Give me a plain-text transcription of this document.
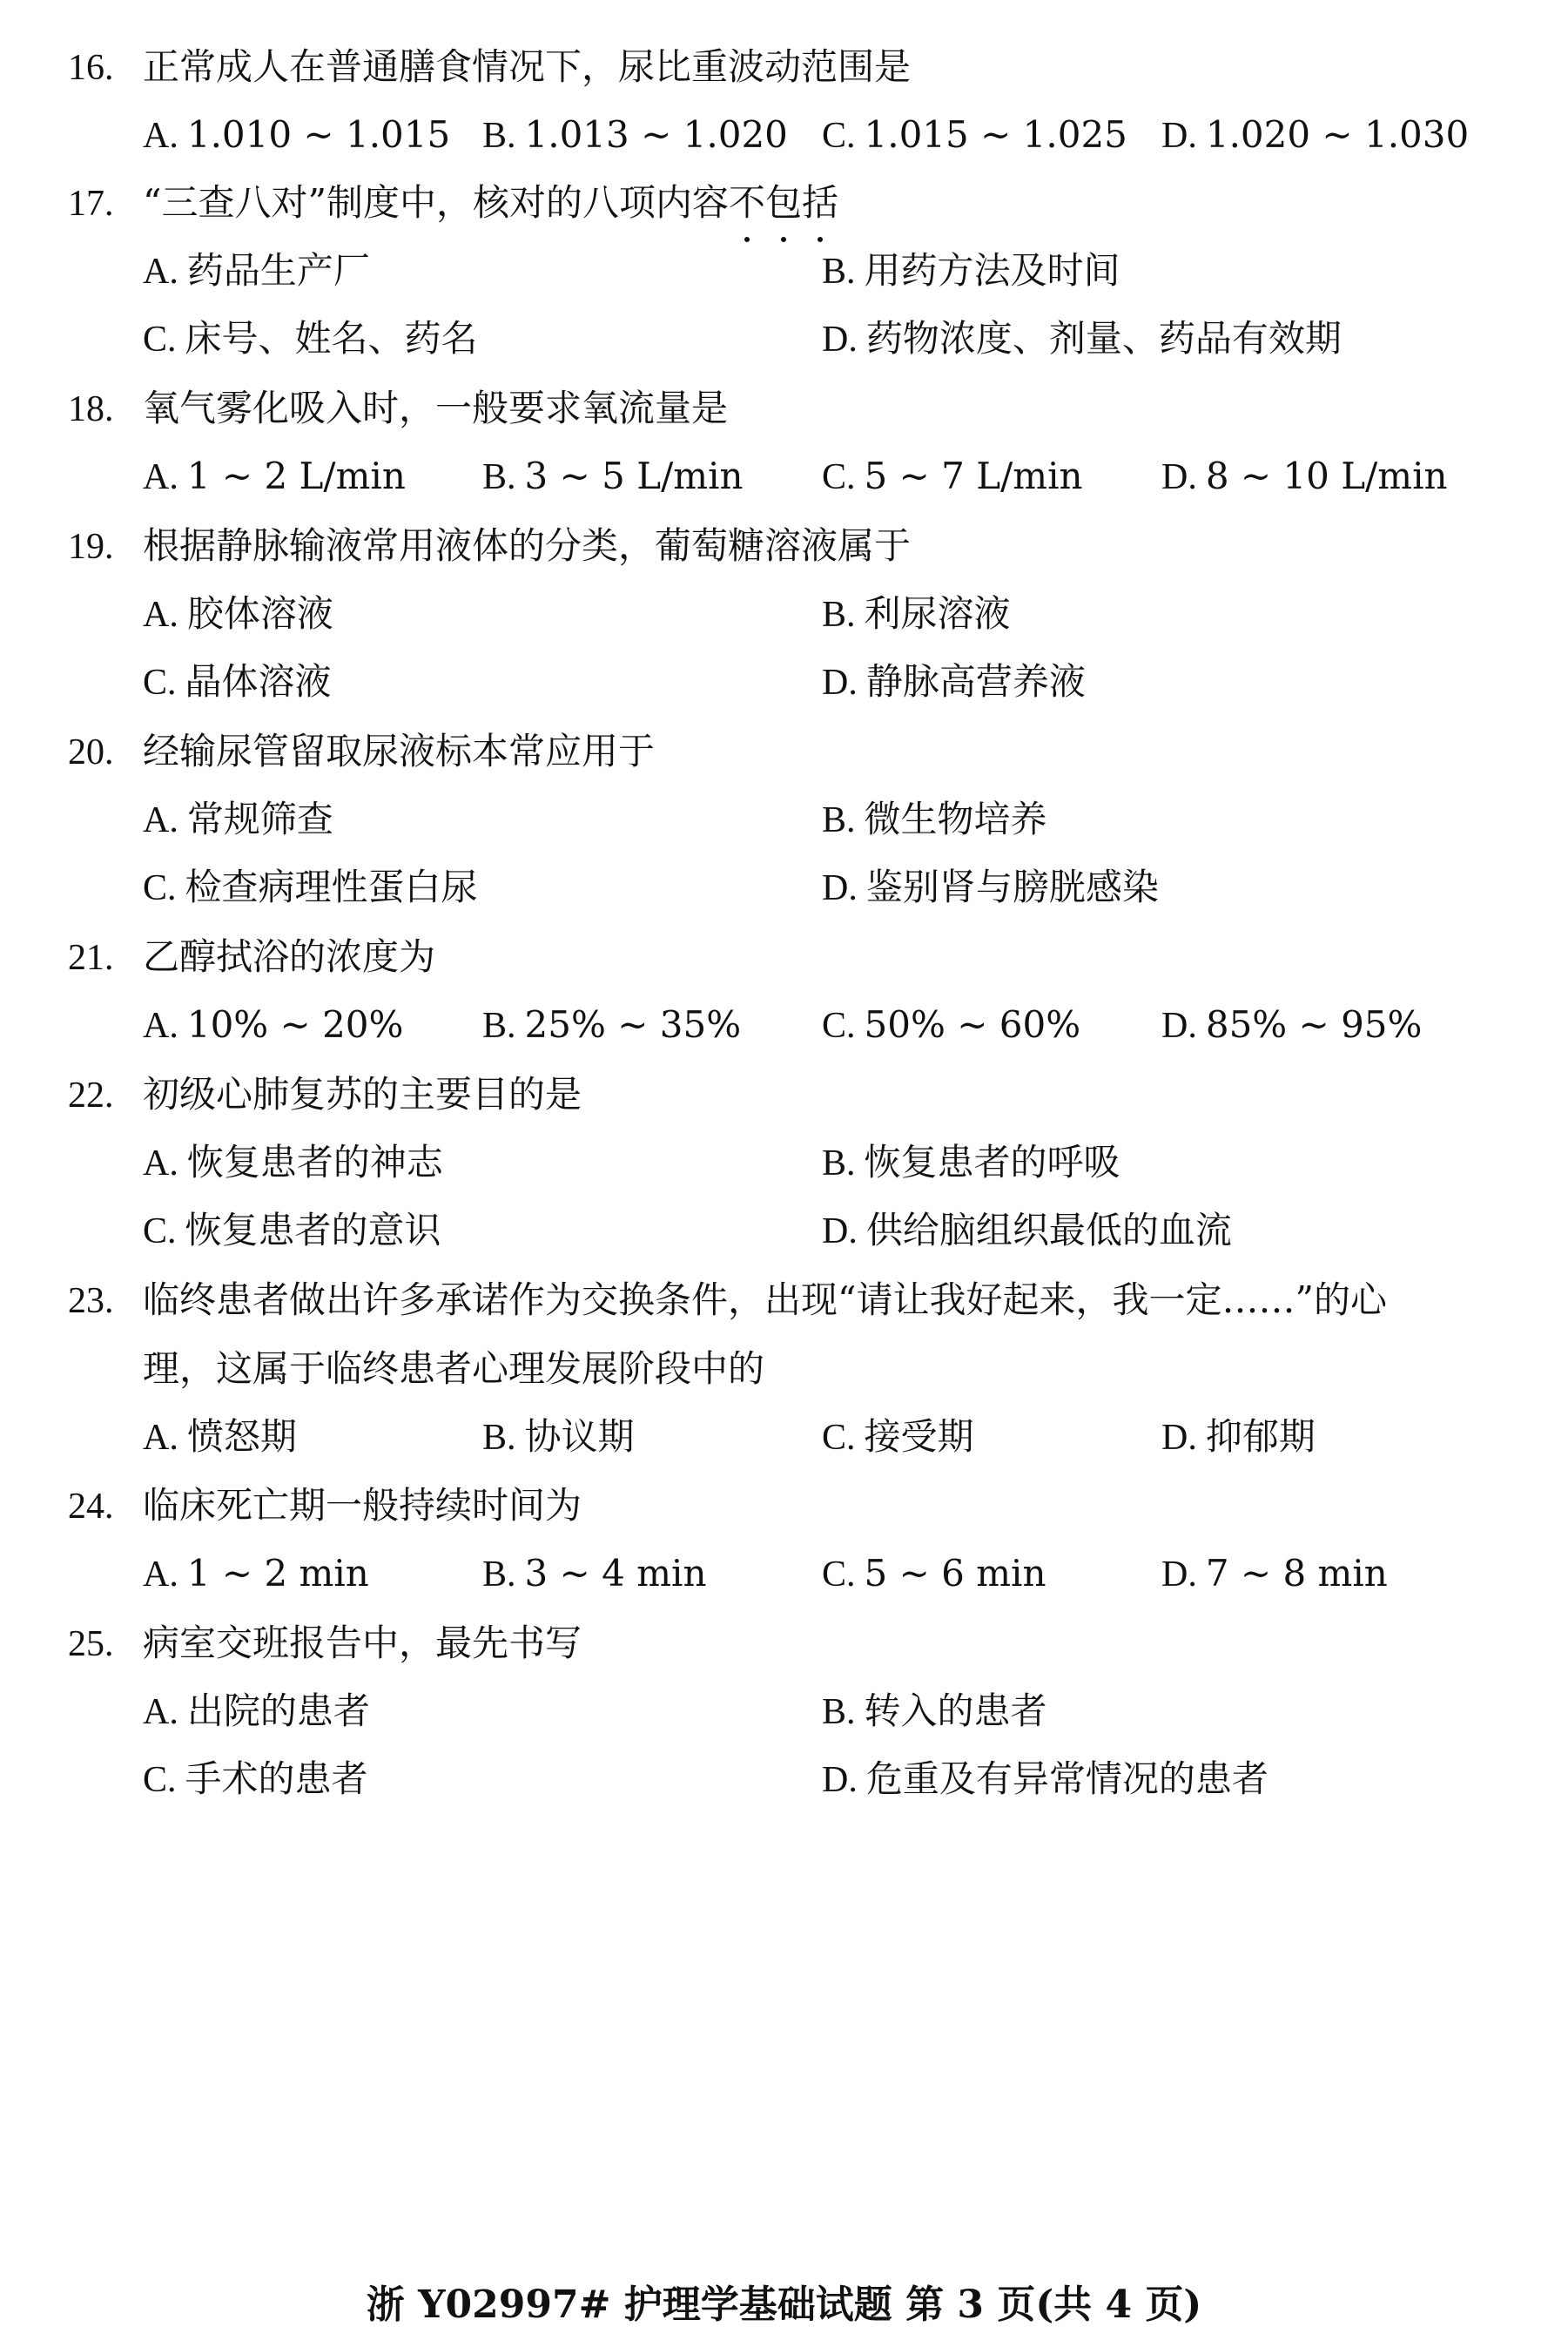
16. 正常成人在普通膳食情况下，尿比重波动范围是
A. 1.010 ~ 1.015 B. 1.013 ~ 1.020 C. 1.015 ~ 1.025 D. 1.020 ~ 1.030
17. “三查八对”制度中，核对的八项内容不包括
A. 药品生产厂	B. 用药方法及时间
C. 床号、姓名、药名	D. 药物浓度、剂量、药品有效期
18. 氧气雾化吸入时，一般要求氧流量是
A. 1 ~ 2 L/min	B. 3 ~ 5 L/min	C. 5 ~ 7 L/min	D. 8 ~ 10 L/min
19. 根据静脉输液常用液体的分类，葡萄糖溶液属于
A. 胶体溶液	B. 利尿溶液
C. 晶体溶液	D. 静脉高营养液
20. 经输尿管留取尿液标本常应用于
A. 常规筛查	B. 微生物培养
C. 检查病理性蛋白尿	D. 鉴别肾与膀胱感染
21. 乙醇拭浴的浓度为
A. 10% ~ 20%	B. 25% ~ 35%	C. 50% ~ 60%	D. 85% ~ 95%
22. 初级心肺复苏的主要目的是
A. 恢复患者的神志	B. 恢复患者的呼吸
C. 恢复患者的意识	D. 供给脑组织最低的血流
23. 临终患者做出许多承诺作为交换条件，出现“请让我好起来，我一定……”的心
理，这属于临终患者心理发展阶段中的
A. 愤怒期	B. 协议期	C. 接受期	D. 抑郁期
24. 临床死亡期一般持续时间为
A. 1 ~ 2 min	B. 3 ~ 4 min	C. 5 ~ 6 min	D. 7 ~ 8 min
25. 病室交班报告中，最先书写
A. 出院的患者	B. 转入的患者
C. 手术的患者	D. 危重及有异常情况的患者
浙 Y02997# 护理学基础试题 第 3 页(共 4 页)
